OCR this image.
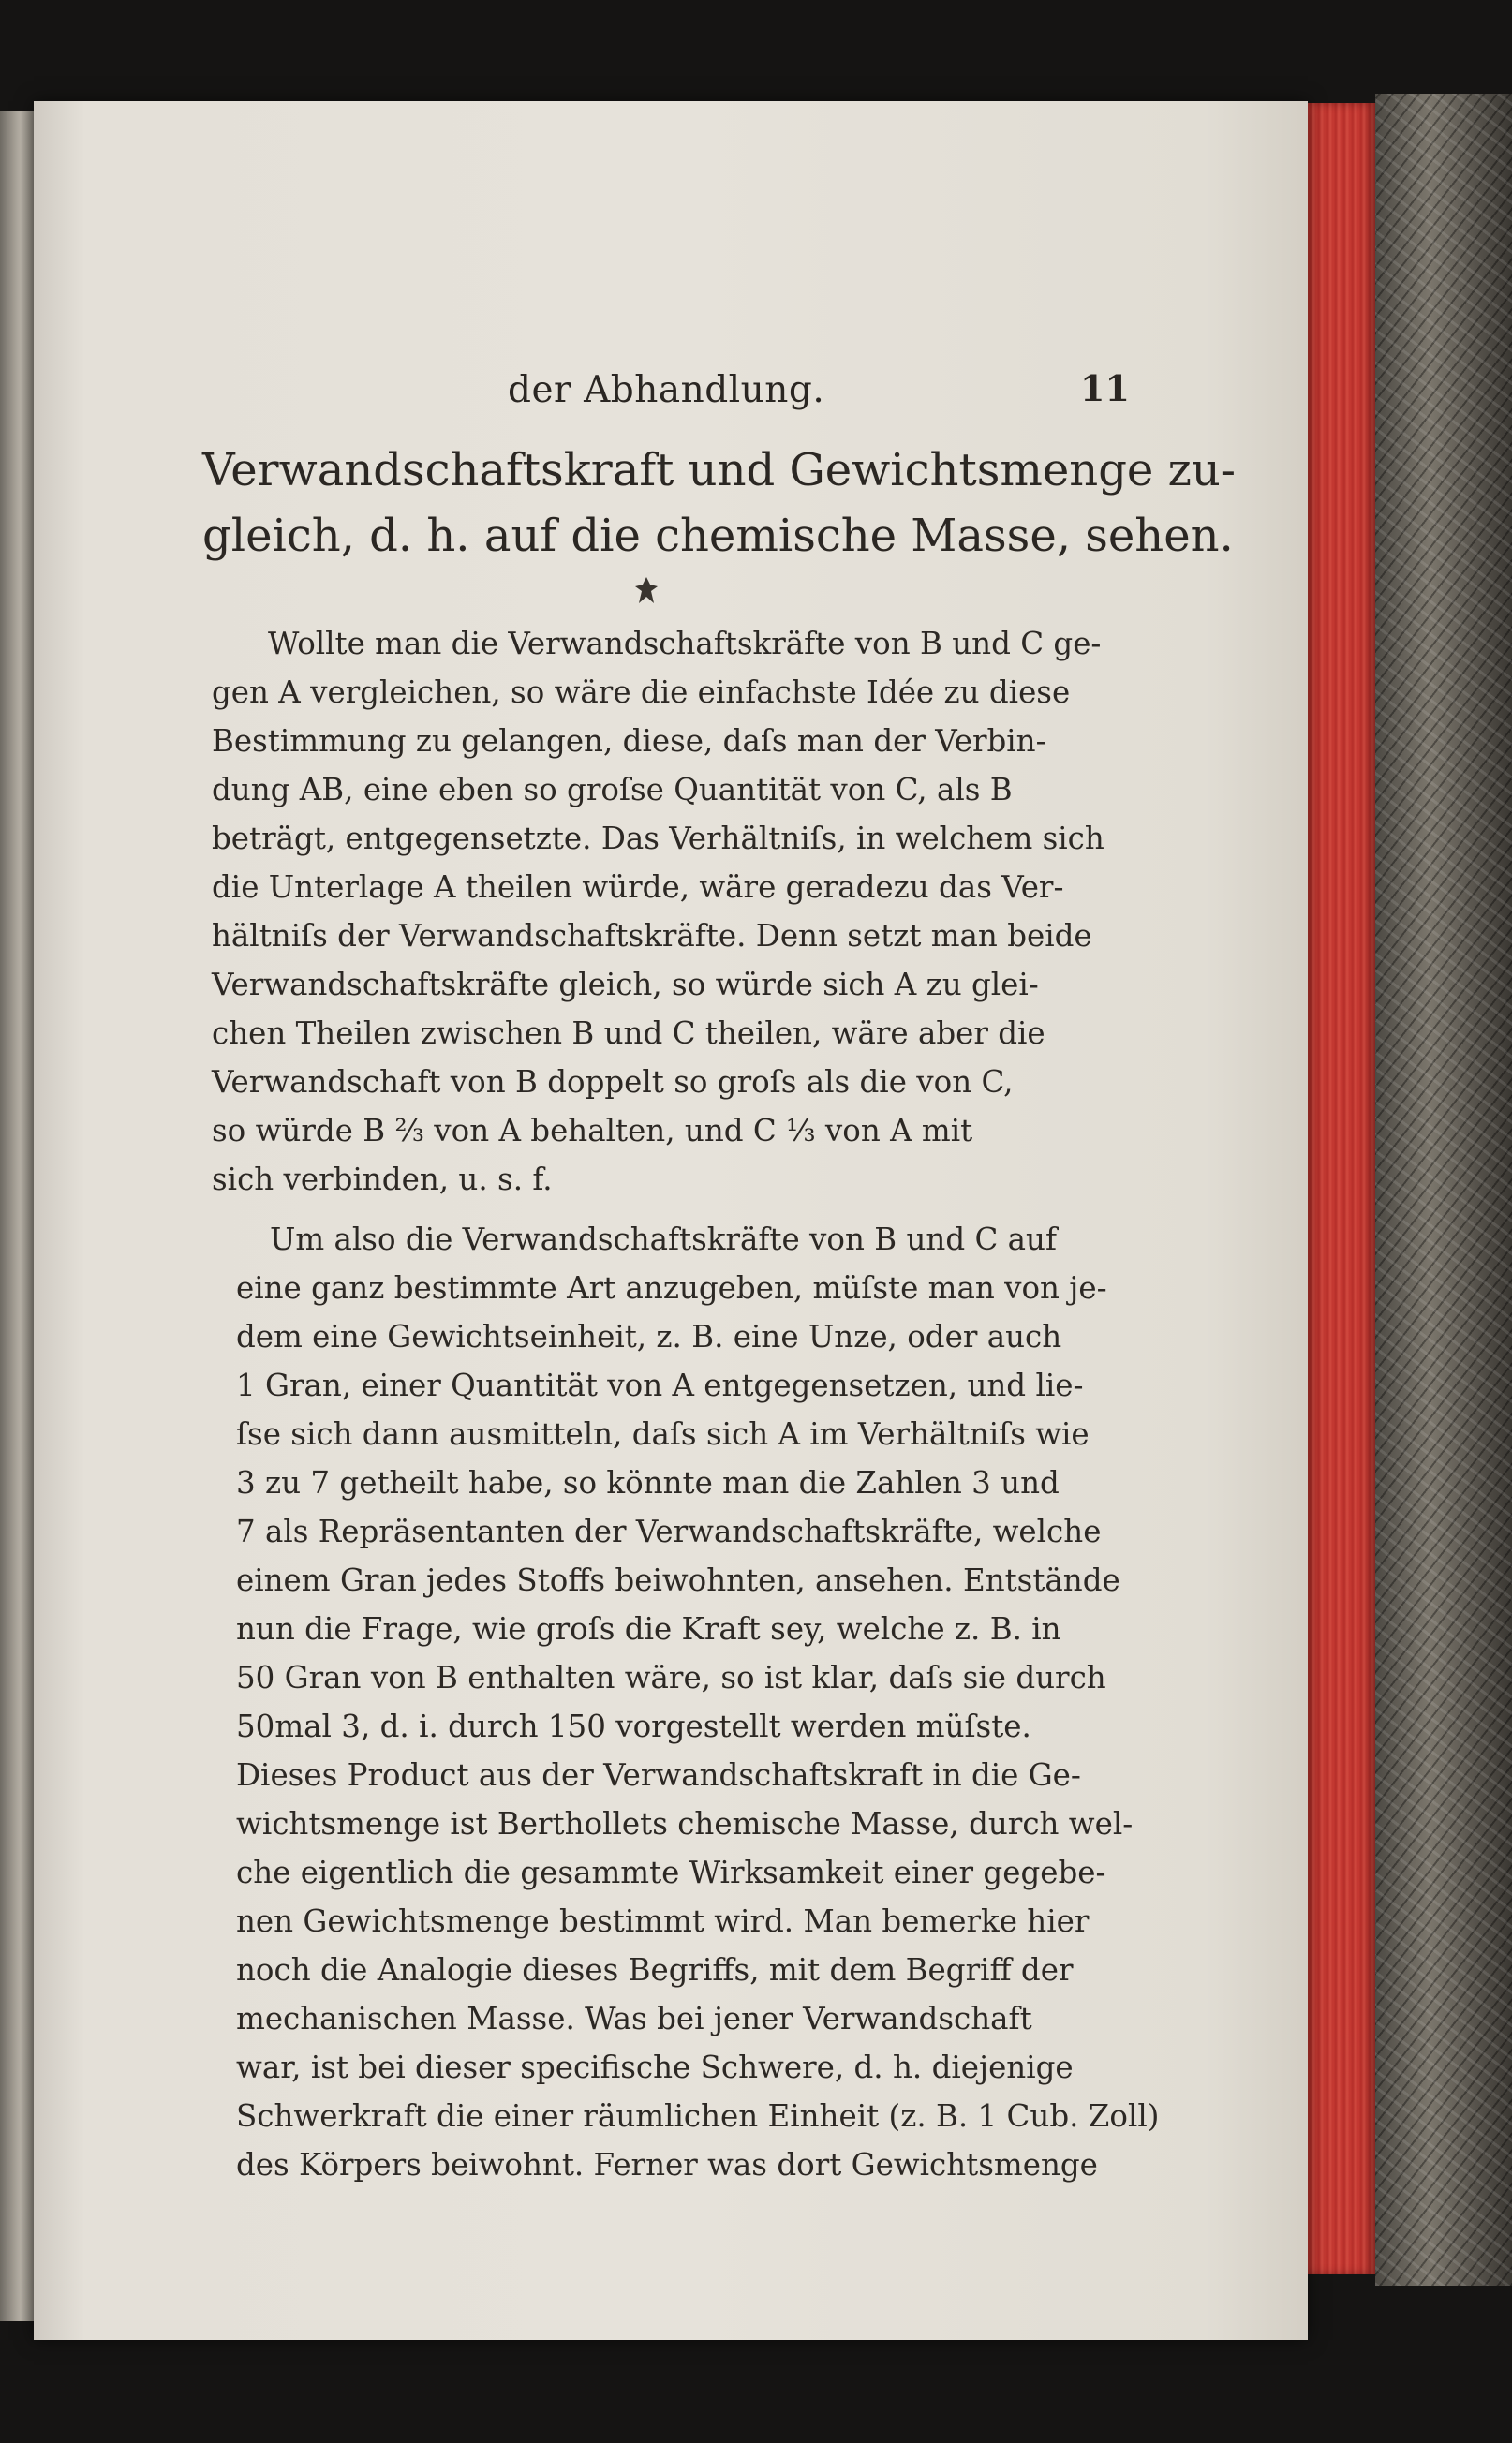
der Abhandlung.	11

Verwandschaftskraft und Gewichtsmenge zu-

gleich, d. h. auf die chemische Masse, sehen.

Wollte man die Verwandschaftskräfte von B und C ge-

gen A vergleichen, so wäre die einfachste Idée zu diese

Bestimmung zu gelangen, diese, daſs man der Verbin-

dung AB, eine eben so groſse Quantität von C, als B

beträgt, entgegensetzte. Das Verhältniſs, in welchem sich

die Unterlage A theilen würde, wäre geradezu das Ver-

hältniſs der Verwandschaftskräfte. Denn setzt man beide

Verwandschaftskräfte gleich, so würde sich A zu glei-

chen Theilen zwischen B und C theilen, wäre aber die

Verwandschaft von B doppelt so groſs als die von C,

so würde B ⅔ von A behalten, und C ⅓ von A mit

sich verbinden, u. s. f.

Um also die Verwandschaftskräfte von B und C auf

eine ganz bestimmte Art anzugeben, müſste man von je-

dem eine Gewichtseinheit, z. B. eine Unze, oder auch

1 Gran, einer Quantität von A entgegensetzen, und lie-

ſse sich dann ausmitteln, daſs sich A im Verhältniſs wie

3 zu 7 getheilt habe, so könnte man die Zahlen 3 und

7 als Repräsentanten der Verwandschaftskräfte, welche

einem Gran jedes Stoffs beiwohnten, ansehen. Entstände

nun die Frage, wie groſs die Kraft sey, welche z. B. in

50 Gran von B enthalten wäre, so ist klar, daſs sie durch

50mal 3, d. i. durch 150 vorgestellt werden müſste.

Dieses Product aus der Verwandschaftskraft in die Ge-

wichtsmenge ist Berthollets chemische Masse, durch wel-

che eigentlich die gesammte Wirksamkeit einer gegebe-

nen Gewichtsmenge bestimmt wird. Man bemerke hier

noch die Analogie dieses Begriffs, mit dem Begriff der

mechanischen Masse. Was bei jener Verwandschaft

war, ist bei dieser specifische Schwere, d. h. diejenige

Schwerkraft die einer räumlichen Einheit (z. B. 1 Cub. Zoll)

des Körpers beiwohnt. Ferner was dort Gewichtsmenge
